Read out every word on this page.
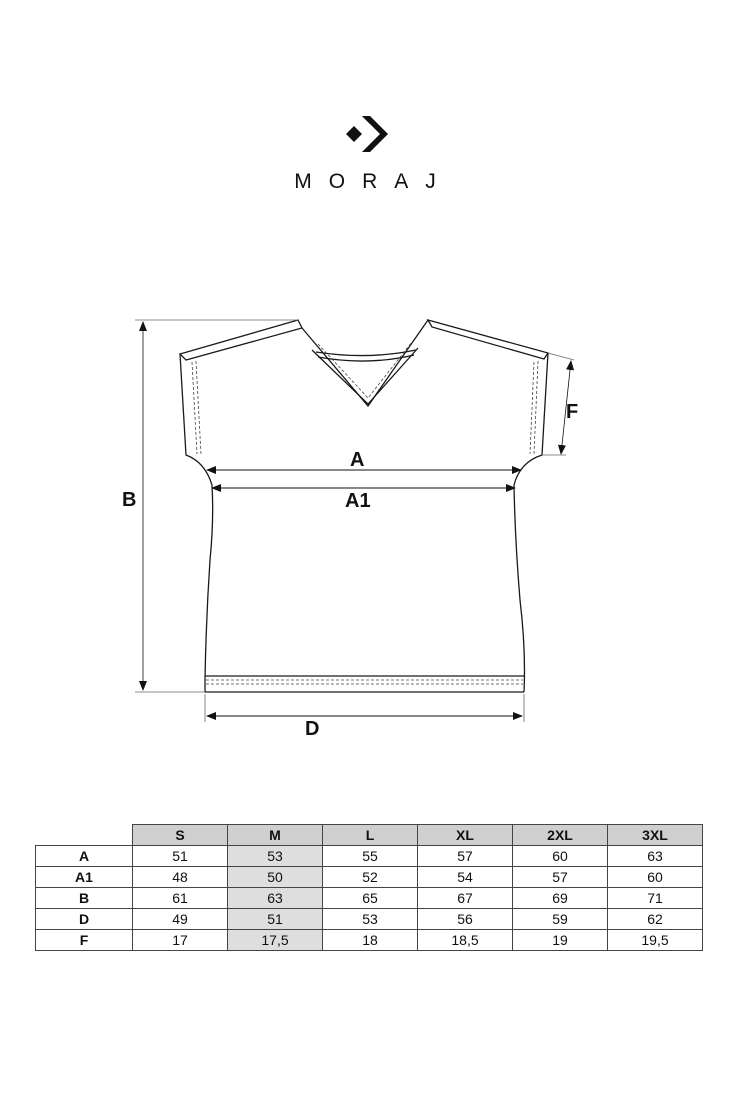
MORAJ
B
F
A
A1
D
	S	M	L	XL	2XL	3XL
A	51	53	55	57	60	63
A1	48	50	52	54	57	60
B	61	63	65	67	69	71
D	49	51	53	56	59	62
F	17	17,5	18	18,5	19	19,5
